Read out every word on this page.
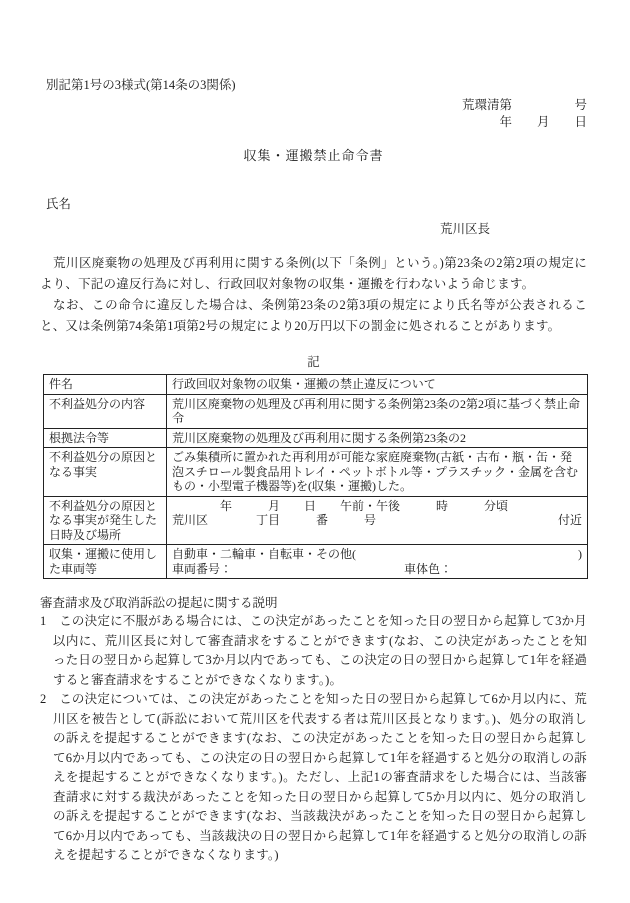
別記第1号の3様式(第14条の3関係)
荒環清第　　　　　号
年　　月　　日
収集・運搬禁止命令書
氏名
荒川区長

　荒川区廃棄物の処理及び再利用に関する条例(以下「条例」という。)第23条の2第2項の規定により、下記の違反行為に対し、行政回収対象物の収集・運搬を行わないよう命じます。

　なお、この命令に違反した場合は、条例第23条の2第3項の規定により氏名等が公表されること、又は条例第74条第1項第2号の規定により20万円以下の罰金に処されることがあります。

記
件名	行政回収対象物の収集・運搬の禁止違反について
不利益処分の内容	荒川区廃棄物の処理及び再利用に関する条例第23条の2第2項に基づく禁止命令
根拠法令等	荒川区廃棄物の処理及び再利用に関する条例第23条の2
不利益処分の原因となる事実	ごみ集積所に置かれた再利用が可能な家庭廃棄物(古紙・古布・瓶・缶・発泡スチロール製食品用トレイ・ペットボトル等・プラスチック・金属を含むもの・小型電子機器等)を(収集・運搬)した。
不利益処分の原因となる事実が発生した日時及び場所	　　　　年　　　月　　日　　午前・午後　　　時　　　分頃
荒川区　　　　丁目　　　番　　　号 付近

収集・運搬に使用した車両等	自動車・二輪車・自転車・その他( )
車両番号： 車体色：
審査請求及び取消訴訟の提起に関する説明

1　この決定に不服がある場合には、この決定があったことを知った日の翌日から起算して3か月以内に、荒川区長に対して審査請求をすることができます(なお、この決定があったことを知った日の翌日から起算して3か月以内であっても、この決定の日の翌日から起算して1年を経過すると審査請求をすることができなくなります。)。

2　この決定については、この決定があったことを知った日の翌日から起算して6か月以内に、荒川区を被告として(訴訟において荒川区を代表する者は荒川区長となります。)、処分の取消しの訴えを提起することができます(なお、この決定があったことを知った日の翌日から起算して6か月以内であっても、この決定の日の翌日から起算して1年を経過すると処分の取消しの訴えを提起することができなくなります。)。ただし、上記1の審査請求をした場合には、当該審査請求に対する裁決があったことを知った日の翌日から起算して5か月以内に、処分の取消しの訴えを提起することができます(なお、当該裁決があったことを知った日の翌日から起算して6か月以内であっても、当該裁決の日の翌日から起算して1年を経過すると処分の取消しの訴えを提起することができなくなります。)
